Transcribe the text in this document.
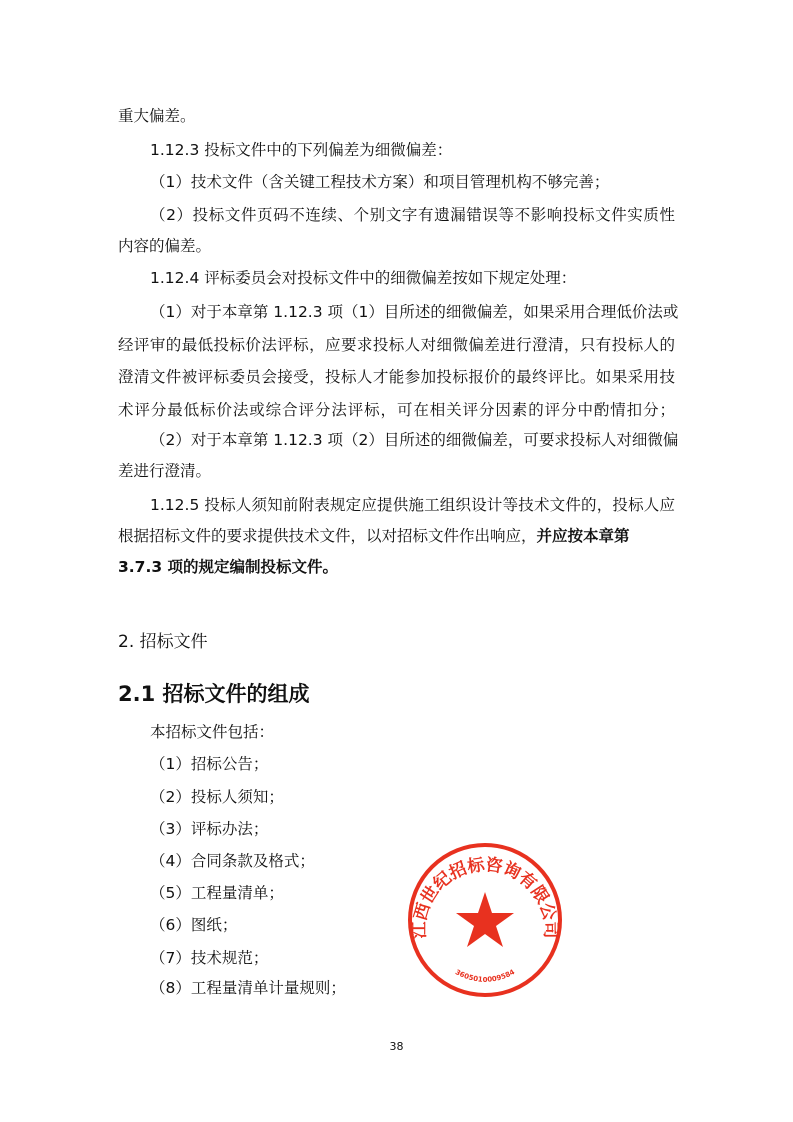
重大偏差。
1.12.3 投标文件中的下列偏差为细微偏差：
（1）技术文件（含关键工程技术方案）和项目管理机构不够完善；
（2）投标文件页码不连续、个别文字有遗漏错误等不影响投标文件实质性
内容的偏差。
1.12.4 评标委员会对投标文件中的细微偏差按如下规定处理：
（1）对于本章第 1.12.3 项（1）目所述的细微偏差，如果采用合理低价法或
经评审的最低投标价法评标，应要求投标人对细微偏差进行澄清，只有投标人的
澄清文件被评标委员会接受，投标人才能参加投标报价的最终评比。如果采用技
术评分最低标价法或综合评分法评标，可在相关评分因素的评分中酌情扣分；
（2）对于本章第 1.12.3 项（2）目所述的细微偏差，可要求投标人对细微偏
差进行澄清。
1.12.5 投标人须知前附表规定应提供施工组织设计等技术文件的，投标人应
根据招标文件的要求提供技术文件，以对招标文件作出响应，并应按本章第
3.7.3 项的规定编制投标文件。
2. 招标文件
2.1 招标文件的组成
本招标文件包括：
（1）招标公告；
（2）投标人须知；
（3）评标办法；
（4）合同条款及格式；
（5）工程量清单；
（6）图纸；
（7）技术规范；
（8）工程量清单计量规则；
江西世纪招标咨询有限公司
3605010009584
38
